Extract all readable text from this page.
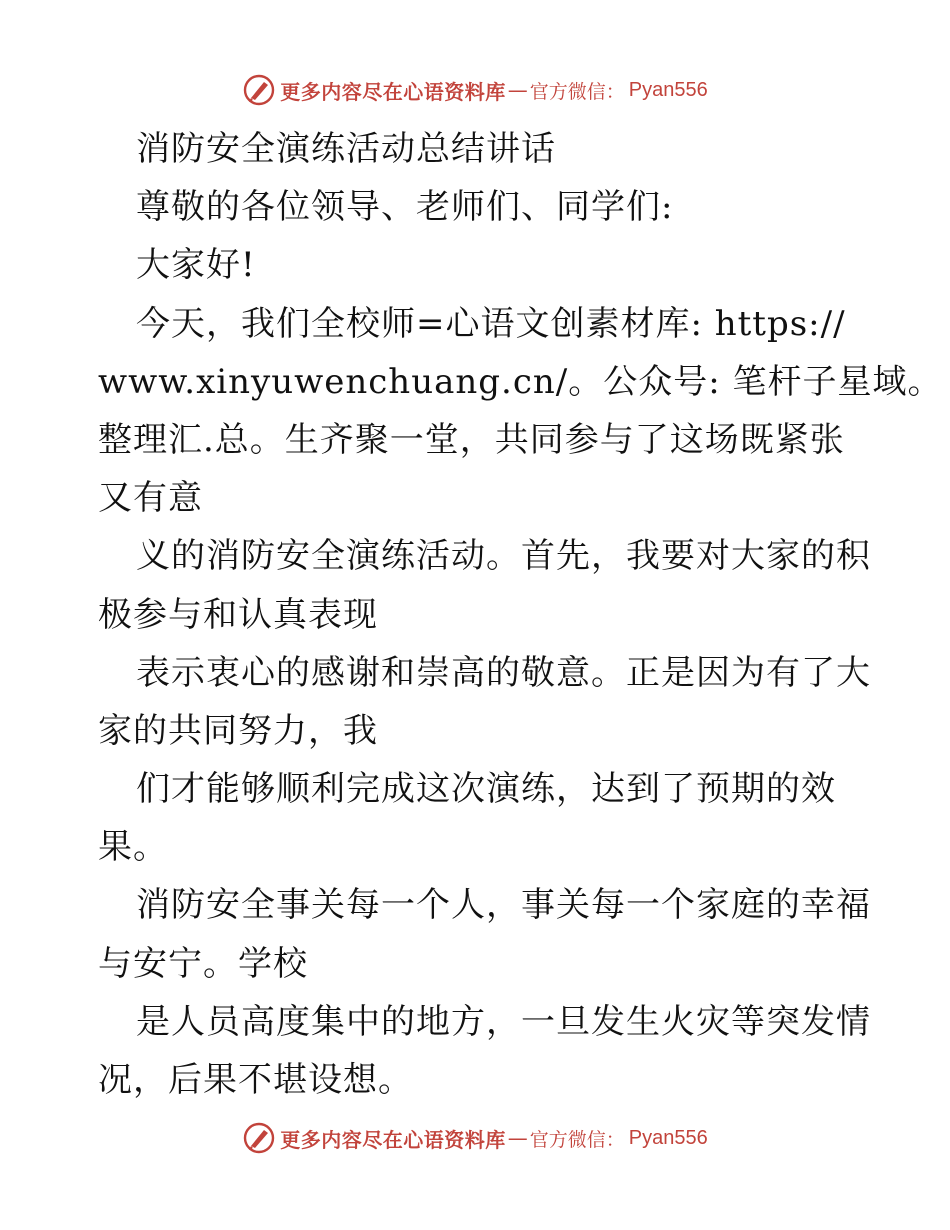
更多内容尽在心语资料库 — 官方微信： Pyan556
消防安全演练活动总结讲话
尊敬的各位领导、老师们、同学们:
大家好!
今天，我们全校师=心语文创素材库: https://
www.xinyuwenchuang.cn/。公众号: 笔杆子星域。
整理汇.总。生齐聚一堂，共同参与了这场既紧张
又有意
义的消防安全演练活动。首先，我要对大家的积
极参与和认真表现
表示衷心的感谢和崇高的敬意。正是因为有了大
家的共同努力，我
们才能够顺利完成这次演练，达到了预期的效
果。
消防安全事关每一个人，事关每一个家庭的幸福
与安宁。学校
是人员高度集中的地方，一旦发生火灾等突发情
况，后果不堪设想。
更多内容尽在心语资料库 — 官方微信： Pyan556
